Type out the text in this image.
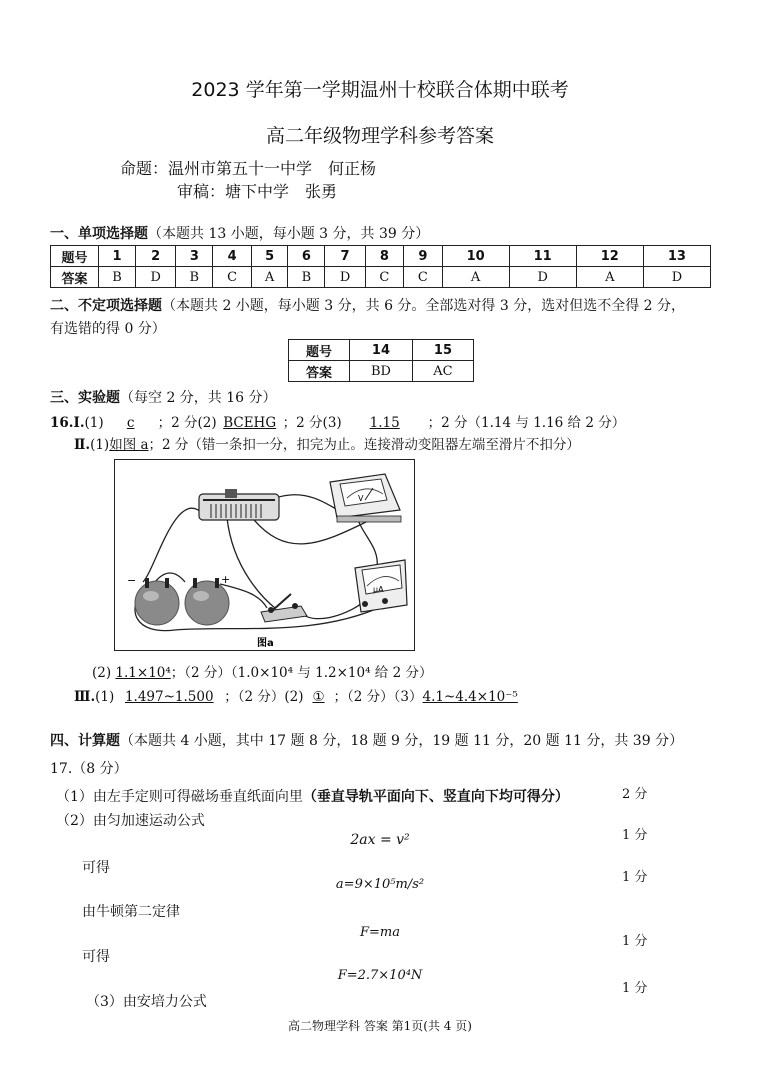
2023 学年第一学期温州十校联合体期中联考
高二年级物理学科参考答案
命题：温州市第五十一中学　何正杨
审稿：塘下中学　张勇
一、单项选择题（本题共 13 小题，每小题 3 分，共 39 分）
题号	1	2	3	4	5	6	7	8	9	10	11	12	13
答案	B	D	B	C	A	B	D	C	C	A	D	A	D
二、不定项选择题（本题共 2 小题，每小题 3 分，共 6 分。全部选对得 3 分，选对但选不全得 2 分，
有选错的得 0 分）
题号	14	15
答案	BD	AC
三、实验题（每空 2 分，共 16 分）
16.Ⅰ.(1) c ；2 分(2) BCEHG ；2 分(3) 1.15 ；2 分（1.14 与 1.16 给 2 分）
Ⅱ.(1)如图 a；2 分（错一条扣一分，扣完为止。连接滑动变阻器左端至滑片不扣分）
V
μA
−	+
图a
(2) 1.1×10⁴；（2 分）（1.0×10⁴ 与 1.2×10⁴ 给 2 分）
Ⅲ.(1) 1.497~1.500 ；（2 分）(2) ① ；（2 分）（3）4.1~4.4×10⁻⁵
四、计算题（本题共 4 小题，其中 17 题 8 分，18 题 9 分，19 题 11 分，20 题 11 分，共 39 分）
17.（8 分）
（1）由左手定则可得磁场垂直纸面向里（垂直导轨平面向下、竖直向下均可得分）	2 分
（2）由匀加速运动公式
1 分
2ax = v²
可得
1 分
a=9×10⁵m/s²
由牛顿第二定律
F=ma
1 分
可得
F=2.7×10⁴N
1 分
（3）由安培力公式
高二物理学科 答案 第1页(共 4 页)
